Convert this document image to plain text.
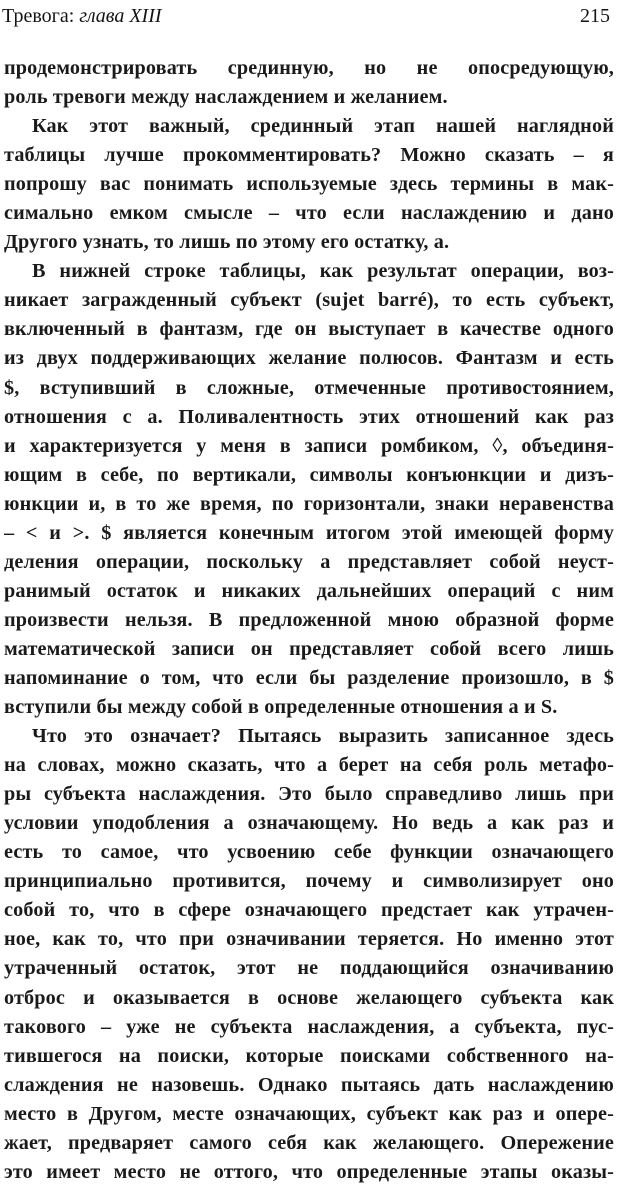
Тревога: глава XIII	215
продемонстрировать срединную, но не опосредующую,
роль тревоги между наслаждением и желанием.
Как этот важный, срединный этап нашей наглядной
таблицы лучше прокомментировать? Можно сказать – я
попрошу вас понимать используемые здесь термины в мак-
симально емком смысле – что если наслаждению и дано
Другого узнать, то лишь по этому его остатку, a.
В нижней строке таблицы, как результат операции, воз-
никает загражденный субъект (sujet barré), то есть субъект,
включенный в фантазм, где он выступает в качестве одного
из двух поддерживающих желание полюсов. Фантазм и есть
$, вступивший в сложные, отмеченные противостоянием,
отношения с a. Поливалентность этих отношений как раз
и характеризуется у меня в записи ромбиком, ◊, объединя-
ющим в себе, по вертикали, символы конъюнкции и дизъ-
юнкции и, в то же время, по горизонтали, знаки неравенства
– < и >. $ является конечным итогом этой имеющей форму
деления операции, поскольку a представляет собой неуст-
ранимый остаток и никаких дальнейших операций с ним
произвести нельзя. В предложенной мною образной форме
математической записи он представляет собой всего лишь
напоминание о том, что если бы разделение произошло, в $
вступили бы между собой в определенные отношения a и S.
Что это означает? Пытаясь выразить записанное здесь
на словах, можно сказать, что a берет на себя роль метафо-
ры субъекта наслаждения. Это было справедливо лишь при
условии уподобления a означающему. Но ведь a как раз и
есть то самое, что усвоению себе функции означающего
принципиально противится, почему и символизирует оно
собой то, что в сфере означающего предстает как утрачен-
ное, как то, что при означивании теряется. Но именно этот
утраченный остаток, этот не поддающийся означиванию
отброс и оказывается в основе желающего субъекта как
такового – уже не субъекта наслаждения, а субъекта, пус-
тившегося на поиски, которые поисками собственного на-
слаждения не назовешь. Однако пытаясь дать наслаждению
место в Другом, месте означающих, субъект как раз и опере-
жает, предваряет самого себя как желающего. Опережение
это имеет место не оттого, что определенные этапы оказы-
